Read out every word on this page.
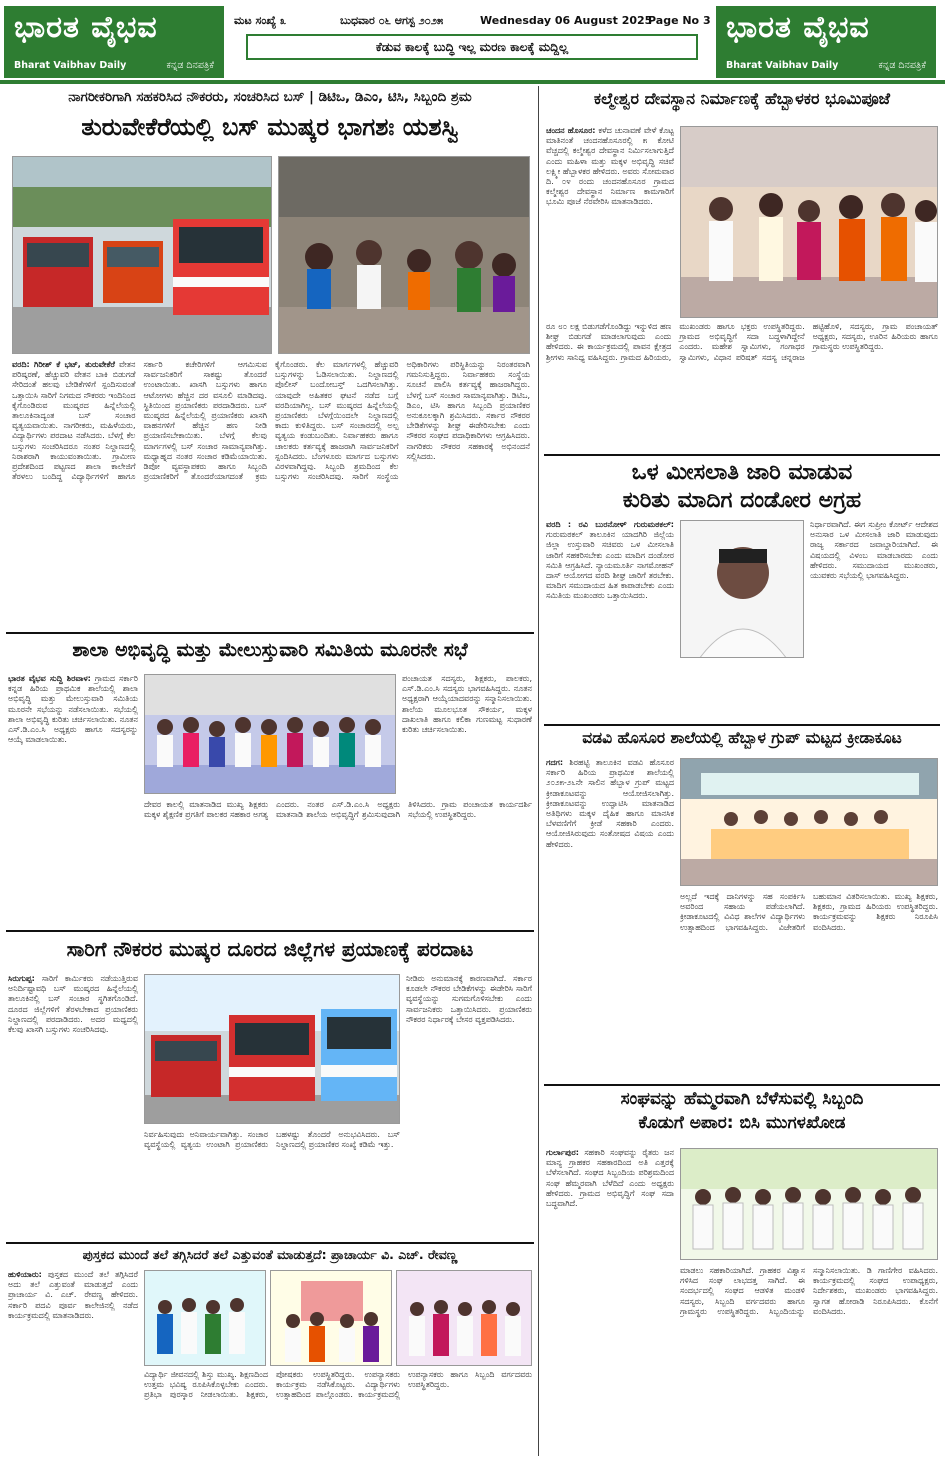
ಭಾರತ ವೈಭವ
Bharat Vaibhav Daily	ಕನ್ನಡ ದಿನಪತ್ರಿಕೆ
ಮಟ ಸಂಖ್ಯೆ ೩	ಬುಧವಾರ ೦೬ ಆಗಸ್ಟ ೨೦೨೫	Wednesday 06 August 2025
Page No 3
ಕೆಡುವ ಕಾಲಕ್ಕೆ ಬುದ್ಧಿ ಇಲ್ಲ ಮರಣ ಕಾಲಕ್ಕೆ ಮದ್ದಿಲ್ಲ
ಭಾರತ ವೈಭವ
Bharat Vaibhav Daily	ಕನ್ನಡ ದಿನಪತ್ರಿಕೆ
ನಾಗರೀಕರಿಗಾಗಿ ಸಹಕರಿಸಿದ ನೌಕರರು, ಸಂಚರಿಸಿದ ಬಸ್ | ಡಿಟಿಒ, ಡಿಎಂ, ಟಿಸಿ, ಸಿಬ್ಬಂದಿ ಶ್ರಮ
ತುರುವೇಕೆರೆಯಲ್ಲಿ ಬಸ್ ಮುಷ್ಕರ ಭಾಗಶಃ ಯಶಸ್ವಿ
ವರದಿ: ಗಿರೀಶ್ ಕೆ ಭಟ್, ತುರುವೇಕೆರೆ ವೇತನ ಪರಿಷ್ಕರಣೆ, ಹೆಚ್ಚುವರಿ ವೇತನ ಬಾಕಿ ಬಿಡುಗಡೆ ಸೇರಿದಂತೆ ಹಲವು ಬೇಡಿಕೆಗಳಿಗೆ ಸ್ಪಂದಿಸುವಂತೆ ಒತ್ತಾಯಿಸಿ ಸಾರಿಗೆ ನಿಗಮದ ನೌಕರರು ಇಂದಿನಿಂದ ಕೈಗೊಂಡಿರುವ ಮುಷ್ಕರದ ಹಿನ್ನೆಲೆಯಲ್ಲಿ ತಾಲೂಕಿನಾದ್ಯಂತ ಬಸ್ ಸಂಚಾರ ವ್ಯತ್ಯಯವಾಯಿತು. ನಾಗರೀಕರು, ಮಹಿಳೆಯರು, ವಿದ್ಯಾರ್ಥಿಗಳು ಪರದಾಟ ನಡೆಸಿದರು. ಬೆಳಗ್ಗೆ ಕೆಲ ಬಸ್ಸುಗಳು ಸಂಚರಿಸಿದರೂ ನಂತರ ನಿಲ್ದಾಣದಲ್ಲಿ ನಿರಾಶರಾಗಿ ಕಾಯುವಂತಾಯಿತು. ಗ್ರಾಮೀಣ ಪ್ರದೇಶದಿಂದ ಪಟ್ಟಣದ ಶಾಲಾ ಕಾಲೇಜಿಗೆ ತೆರಳಲು ಬಂದಿದ್ದ ವಿದ್ಯಾರ್ಥಿಗಳಿಗೆ ಹಾಗೂ ಸರ್ಕಾರಿ ಕಚೇರಿಗಳಿಗೆ ಆಗಮಿಸುವ ಸಾರ್ವಜನಿಕರಿಗೆ ಸಾಕಷ್ಟು ತೊಂದರೆ ಉಂಟಾಯಿತು. ಖಾಸಗಿ ಬಸ್ಸುಗಳು ಹಾಗೂ ಆಟೋಗಳು ಹೆಚ್ಚಿನ ದರ ವಸೂಲಿ ಮಾಡಿದವು. ಸ್ಥಿತಿಯಿಂದ ಪ್ರಯಾಣಿಕರು ಪರದಾಡಿದರು. ಬಸ್ ಮುಷ್ಕರದ ಹಿನ್ನೆಲೆಯಲ್ಲಿ ಪ್ರಯಾಣಿಕರು ಖಾಸಗಿ ವಾಹನಗಳಿಗೆ ಹೆಚ್ಚಿನ ಹಣ ನೀಡಿ ಪ್ರಯಾಣಿಸಬೇಕಾಯಿತು. ಬೆಳಗ್ಗೆ ಕೆಲವು ಮಾರ್ಗಗಳಲ್ಲಿ ಬಸ್ ಸಂಚಾರ ಸಾಮಾನ್ಯವಾಗಿತ್ತು. ಮಧ್ಯಾಹ್ನದ ನಂತರ ಸಂಚಾರ ಕಡಿಮೆಯಾಯಿತು. ಡಿಪೋ ವ್ಯವಸ್ಥಾಪಕರು ಹಾಗೂ ಸಿಬ್ಬಂದಿ ಪ್ರಯಾಣಿಕರಿಗೆ ತೊಂದರೆಯಾಗದಂತೆ ಕ್ರಮ ಕೈಗೊಂಡರು. ಕೆಲ ಮಾರ್ಗಗಳಲ್ಲಿ ಹೆಚ್ಚುವರಿ ಬಸ್ಸುಗಳನ್ನು ಓಡಿಸಲಾಯಿತು. ನಿಲ್ದಾಣದಲ್ಲಿ ಪೊಲೀಸ್ ಬಂದೋಬಸ್ತ್ ಒದಗಿಸಲಾಗಿತ್ತು. ಯಾವುದೇ ಅಹಿತಕರ ಘಟನೆ ನಡೆದ ಬಗ್ಗೆ ವರದಿಯಾಗಿಲ್ಲ. ಬಸ್ ಮುಷ್ಕರದ ಹಿನ್ನೆಲೆಯಲ್ಲಿ ಪ್ರಯಾಣಿಕರು ಬೆಳಗ್ಗೆಯಿಂದಲೇ ನಿಲ್ದಾಣದಲ್ಲಿ ಕಾದು ಕುಳಿತಿದ್ದರು. ಬಸ್ ಸಂಚಾರದಲ್ಲಿ ಅಲ್ಪ ವ್ಯತ್ಯಯ ಕಂಡುಬಂದಿತು. ನಿರ್ವಾಹಕರು ಹಾಗೂ ಚಾಲಕರು ಕರ್ತವ್ಯಕ್ಕೆ ಹಾಜರಾಗಿ ಸಾರ್ವಜನಿಕರಿಗೆ ಸ್ಪಂದಿಸಿದರು. ಬೆಂಗಳೂರು ಮಾರ್ಗದ ಬಸ್ಸುಗಳು ವಿರಳವಾಗಿದ್ದವು. ಸಿಬ್ಬಂದಿ ಶ್ರಮದಿಂದ ಕೆಲ ಬಸ್ಸುಗಳು ಸಂಚರಿಸಿದವು. ಸಾರಿಗೆ ಸಂಸ್ಥೆಯ ಅಧಿಕಾರಿಗಳು ಪರಿಸ್ಥಿತಿಯನ್ನು ನಿರಂತರವಾಗಿ ಗಮನಿಸುತ್ತಿದ್ದರು. ನಿರ್ವಾಹಕರು ಸಂಸ್ಥೆಯ ಸೂಚನೆ ಪಾಲಿಸಿ ಕರ್ತವ್ಯಕ್ಕೆ ಹಾಜರಾಗಿದ್ದರು. ಬೆಳಗ್ಗೆ ಬಸ್ ಸಂಚಾರ ಸಾಮಾನ್ಯವಾಗಿತ್ತು. ಡಿಟಿಒ, ಡಿಎಂ, ಟಿಸಿ ಹಾಗೂ ಸಿಬ್ಬಂದಿ ಪ್ರಯಾಣಿಕರ ಅನುಕೂಲಕ್ಕಾಗಿ ಶ್ರಮಿಸಿದರು. ಸರ್ಕಾರ ನೌಕರರ ಬೇಡಿಕೆಗಳನ್ನು ಶೀಘ್ರ ಈಡೇರಿಸಬೇಕು ಎಂದು ನೌಕರರ ಸಂಘದ ಪದಾಧಿಕಾರಿಗಳು ಆಗ್ರಹಿಸಿದರು. ನಾಗರಿಕರು ನೌಕರರ ಸಹಕಾರಕ್ಕೆ ಅಭಿನಂದನೆ ಸಲ್ಲಿಸಿದರು.
ಕಲ್ಮೇಶ್ವರ ದೇವಸ್ಥಾನ ನಿರ್ಮಾಣಕ್ಕೆ ಹೆಬ್ಬಾಳಕರ ಭೂಮಿಪೂಜೆ
ಚಂದನ ಹೊಸೂರ: ಕಳೆದ ಚುನಾವಣೆ ವೇಳೆ ಕೊಟ್ಟ ಮಾತಿನಂತೆ ಚಂದನಹೊಸೂರಲ್ಲಿ ೫ ಕೋಟಿ ವೆಚ್ಚದಲ್ಲಿ ಕಲ್ಮೇಶ್ವರ ದೇವಸ್ಥಾನ ನಿರ್ಮಿಸಲಾಗುತ್ತಿದೆ ಎಂದು ಮಹಿಳಾ ಮತ್ತು ಮಕ್ಕಳ ಅಭಿವೃದ್ಧಿ ಸಚಿವೆ ಲಕ್ಷ್ಮೀ ಹೆಬ್ಬಾಳಕರ ಹೇಳಿದರು. ಅವರು ಸೋಮವಾರ ದಿ. ೦೪ ರಂದು ಚಂದನಹೊಸೂರ ಗ್ರಾಮದ ಕಲ್ಮೇಶ್ವರ ದೇವಸ್ಥಾನ ನಿರ್ಮಾಣ ಕಾಮಗಾರಿಗೆ ಭೂಮಿ ಪೂಜೆ ನೆರವೇರಿಸಿ ಮಾತನಾಡಿದರು.
ರೂ ೮೦ ಲಕ್ಷ ಬಿಡುಗಡೆಗೊಂಡಿದ್ದು ಇನ್ನುಳಿದ ಹಣ ಶೀಘ್ರ ಬಿಡುಗಡೆ ಮಾಡಲಾಗುವುದು ಎಂದು ಹೇಳಿದರು. ಈ ಕಾರ್ಯಕ್ರಮದಲ್ಲಿ ಪಾವನ ಕ್ಷೇತ್ರದ ಶ್ರೀಗಳು ಸಾನಿಧ್ಯ ವಹಿಸಿದ್ದರು. ಗ್ರಾಮದ ಹಿರಿಯರು, ಮುಖಂಡರು ಹಾಗೂ ಭಕ್ತರು ಉಪಸ್ಥಿತರಿದ್ದರು. ಗ್ರಾಮದ ಅಭಿವೃದ್ಧಿಗೆ ಸದಾ ಬದ್ಧಳಾಗಿದ್ದೇನೆ ಎಂದರು. ಮಹೇಶ ಸ್ವಾಮಿಗಳು, ಗಂಗಾಧರ ಸ್ವಾಮಿಗಳು, ವಿಧಾನ ಪರಿಷತ್ ಸದಸ್ಯ ಚನ್ನರಾಜ ಹಟ್ಟಿಹೊಳಿ, ಸದಸ್ಯರು, ಗ್ರಾಮ ಪಂಚಾಯತ್ ಅಧ್ಯಕ್ಷರು, ಸದಸ್ಯರು, ಊರಿನ ಹಿರಿಯರು ಹಾಗೂ ಗ್ರಾಮಸ್ಥರು ಉಪಸ್ಥಿತರಿದ್ದರು.
ಒಳ ಮೀಸಲಾತಿ ಜಾರಿ ಮಾಡುವ
ಕುರಿತು ಮಾದಿಗ ದಂಡೋರ ಅಗ್ರಹ
ವರದಿ : ರವಿ ಬುರನೋಳ್ ಗುರುಮಠಕಲ್: ಗುರುಮಠಕಲ್ ತಾಲೂಕಿನ ಯಾದಗಿರಿ ಜಿಲ್ಲೆಯ ಜಿಲ್ಲಾ ಉಸ್ತುವಾರಿ ಸಚಿವರು ಒಳ ಮೀಸಲಾತಿ ಜಾರಿಗೆ ಸಹಕರಿಸಬೇಕು ಎಂದು ಮಾದಿಗ ದಂಡೋರ ಸಮಿತಿ ಆಗ್ರಹಿಸಿದೆ. ನ್ಯಾಯಮೂರ್ತಿ ನಾಗಮೋಹನ್ ದಾಸ್ ಆಯೋಗದ ವರದಿ ಶೀಘ್ರ ಜಾರಿಗೆ ತರಬೇಕು. ಮಾದಿಗ ಸಮುದಾಯದ ಹಿತ ಕಾಪಾಡಬೇಕು ಎಂದು ಸಮಿತಿಯ ಮುಖಂಡರು ಒತ್ತಾಯಿಸಿದರು.
ನಿರ್ಧಾರವಾಗಿದೆ. ಈಗ ಸುಪ್ರೀಂ ಕೋರ್ಟ್ ಆದೇಶದ ಅನುಸಾರ ಒಳ ಮೀಸಲಾತಿ ಜಾರಿ ಮಾಡುವುದು ರಾಜ್ಯ ಸರ್ಕಾರದ ಜವಾಬ್ದಾರಿಯಾಗಿದೆ. ಈ ವಿಷಯದಲ್ಲಿ ವಿಳಂಬ ಮಾಡಬಾರದು ಎಂದು ಹೇಳಿದರು. ಸಮುದಾಯದ ಮುಖಂಡರು, ಯುವಕರು ಸಭೆಯಲ್ಲಿ ಭಾಗವಹಿಸಿದ್ದರು.
ಶಾಲಾ ಅಭಿವೃದ್ಧಿ ಮತ್ತು ಮೇಲುಸ್ತುವಾರಿ ಸಮಿತಿಯ ಮೂರನೇ ಸಭೆ
ಭಾರತ ವೈಭವ ಸುದ್ದಿ ಶಿರವಾಳ: ಗ್ರಾಮದ ಸರ್ಕಾರಿ ಕನ್ನಡ ಹಿರಿಯ ಪ್ರಾಥಮಿಕ ಶಾಲೆಯಲ್ಲಿ ಶಾಲಾ ಅಭಿವೃದ್ಧಿ ಮತ್ತು ಮೇಲುಸ್ತುವಾರಿ ಸಮಿತಿಯ ಮೂರನೇ ಸಭೆಯನ್ನು ನಡೆಸಲಾಯಿತು. ಸಭೆಯಲ್ಲಿ ಶಾಲಾ ಅಭಿವೃದ್ಧಿ ಕುರಿತು ಚರ್ಚಿಸಲಾಯಿತು. ನೂತನ ಎಸ್.ಡಿ.ಎಂ.ಸಿ ಅಧ್ಯಕ್ಷರು ಹಾಗೂ ಸದಸ್ಯರನ್ನು ಆಯ್ಕೆ ಮಾಡಲಾಯಿತು.
ಪಂಚಾಯತ ಸದಸ್ಯರು, ಶಿಕ್ಷಕರು, ಪಾಲಕರು, ಎಸ್.ಡಿ.ಎಂ.ಸಿ ಸದಸ್ಯರು ಭಾಗವಹಿಸಿದ್ದರು. ನೂತನ ಅಧ್ಯಕ್ಷರಾಗಿ ಆಯ್ಕೆಯಾದವರನ್ನು ಸನ್ಮಾನಿಸಲಾಯಿತು. ಶಾಲೆಯ ಮೂಲಭೂತ ಸೌಕರ್ಯ, ಮಕ್ಕಳ ದಾಖಲಾತಿ ಹಾಗೂ ಕಲಿಕಾ ಗುಣಮಟ್ಟ ಸುಧಾರಣೆ ಕುರಿತು ಚರ್ಚಿಸಲಾಯಿತು.
ದೇವರ ಕಾಲಲ್ಲಿ ಮಾತನಾಡಿದ ಮುಖ್ಯ ಶಿಕ್ಷಕರು ಮಕ್ಕಳ ಶೈಕ್ಷಣಿಕ ಪ್ರಗತಿಗೆ ಪಾಲಕರ ಸಹಕಾರ ಅಗತ್ಯ ಎಂದರು. ನಂತರ ಎಸ್.ಡಿ.ಎಂ.ಸಿ ಅಧ್ಯಕ್ಷರು ಮಾತನಾಡಿ ಶಾಲೆಯ ಅಭಿವೃದ್ಧಿಗೆ ಶ್ರಮಿಸುವುದಾಗಿ ತಿಳಿಸಿದರು. ಗ್ರಾಮ ಪಂಚಾಯತ ಕಾರ್ಯದರ್ಶಿ ಸಭೆಯಲ್ಲಿ ಉಪಸ್ಥಿತರಿದ್ದರು.
ವಡವಿ ಹೊಸೂರ ಶಾಲೆಯಲ್ಲಿ ಹೆಬ್ಬಾಳ ಗ್ರುಪ್ ಮಟ್ಟದ ಕ್ರೀಡಾಕೂಟ
ಗದಗ: ಶಿರಹಟ್ಟಿ ತಾಲೂಕಿನ ವಡವಿ ಹೊಸೂರ ಸರ್ಕಾರಿ ಹಿರಿಯ ಪ್ರಾಥಮಿಕ ಶಾಲೆಯಲ್ಲಿ ೨೦೨೫-೨೬ನೇ ಸಾಲಿನ ಹೆಬ್ಬಾಳ ಗ್ರುಪ್ ಮಟ್ಟದ ಕ್ರೀಡಾಕೂಟವನ್ನು ಆಯೋಜಿಸಲಾಗಿತ್ತು. ಕ್ರೀಡಾಕೂಟವನ್ನು ಉದ್ಘಾಟಿಸಿ ಮಾತನಾಡಿದ ಅತಿಥಿಗಳು ಮಕ್ಕಳ ದೈಹಿಕ ಹಾಗೂ ಮಾನಸಿಕ ಬೆಳವಣಿಗೆಗೆ ಕ್ರೀಡೆ ಸಹಕಾರಿ ಎಂದರು. ಆಯೋಜಿಸಿರುವುದು ಸಂತೋಷದ ವಿಷಯ ಎಂದು ಹೇಳಿದರು.
ಅಲ್ಲದೆ ಇದಕ್ಕೆ ದಾನಿಗಳನ್ನು ಸಹ ಸಂಪರ್ಕಿಸಿ ಅವರಿಂದ ಸಹಾಯ ಪಡೆಯಲಾಗಿದೆ. ಕ್ರೀಡಾಕೂಟದಲ್ಲಿ ವಿವಿಧ ಶಾಲೆಗಳ ವಿದ್ಯಾರ್ಥಿಗಳು ಉತ್ಸಾಹದಿಂದ ಭಾಗವಹಿಸಿದ್ದರು. ವಿಜೇತರಿಗೆ ಬಹುಮಾನ ವಿತರಿಸಲಾಯಿತು. ಮುಖ್ಯ ಶಿಕ್ಷಕರು, ಶಿಕ್ಷಕರು, ಗ್ರಾಮದ ಹಿರಿಯರು ಉಪಸ್ಥಿತರಿದ್ದರು. ಕಾರ್ಯಕ್ರಮವನ್ನು ಶಿಕ್ಷಕರು ನಿರೂಪಿಸಿ ವಂದಿಸಿದರು.
ಸಾರಿಗೆ ನೌಕರರ ಮುಷ್ಕರ ದೂರದ ಜಿಲ್ಲೆಗಳ ಪ್ರಯಾಣಕ್ಕೆ ಪರದಾಟ
ಸಿರುಗುಪ್ಪ: ಸಾರಿಗೆ ಕಾರ್ಮಿಕರು ನಡೆಯುತ್ತಿರುವ ಅನಿರ್ದಿಷ್ಟಾವಧಿ ಬಸ್ ಮುಷ್ಕರದ ಹಿನ್ನೆಲೆಯಲ್ಲಿ ತಾಲೂಕಿನಲ್ಲಿ ಬಸ್ ಸಂಚಾರ ಸ್ಥಗಿತಗೊಂಡಿದೆ. ದೂರದ ಜಿಲ್ಲೆಗಳಿಗೆ ತೆರಳಬೇಕಾದ ಪ್ರಯಾಣಿಕರು ನಿಲ್ದಾಣದಲ್ಲಿ ಪರದಾಡಿದರು. ಅದರ ಮಧ್ಯದಲ್ಲಿ ಕೆಲವು ಖಾಸಗಿ ಬಸ್ಸುಗಳು ಸಂಚರಿಸಿದವು.
ನೀಡಿರು ಅನುಮಾನಕ್ಕೆ ಕಾರಣವಾಗಿದೆ. ಸರ್ಕಾರ ಕೂಡಲೇ ನೌಕರರ ಬೇಡಿಕೆಗಳನ್ನು ಈಡೇರಿಸಿ ಸಾರಿಗೆ ವ್ಯವಸ್ಥೆಯನ್ನು ಸುಗಮಗೊಳಿಸಬೇಕು ಎಂದು ಸಾರ್ವಜನಿಕರು ಒತ್ತಾಯಿಸಿದರು. ಪ್ರಯಾಣಿಕರು ನೌಕರರ ನಿರ್ಧಾರಕ್ಕೆ ಬೇಸರ ವ್ಯಕ್ತಪಡಿಸಿದರು.
ನಿರ್ವಹಿಸುವುದು ಅನಿವಾರ್ಯವಾಗಿತ್ತು. ಸಂಚಾರ ವ್ಯವಸ್ಥೆಯಲ್ಲಿ ವ್ಯತ್ಯಯ ಉಂಟಾಗಿ ಪ್ರಯಾಣಿಕರು ಬಹಳಷ್ಟು ತೊಂದರೆ ಅನುಭವಿಸಿದರು. ಬಸ್ ನಿಲ್ದಾಣದಲ್ಲಿ ಪ್ರಯಾಣಿಕರ ಸಂಖ್ಯೆ ಕಡಿಮೆ ಇತ್ತು.
ಸಂಘವನ್ನು ಹೆಮ್ಮರವಾಗಿ ಬೆಳೆಸುವಲ್ಲಿ ಸಿಬ್ಬಂದಿ
ಕೊಡುಗೆ ಅಪಾರ: ಬಿಸಿ ಮುಗಳಖೋಡ
ಗುರ್ಲಾಪುರ: ಸಹಕಾರಿ ಸಂಘವನ್ನು ರೈತರು ಜನ ಮಾನ್ಯ ಗ್ರಾಹಕರ ಸಹಕಾರದಿಂದ ಅತಿ ಎತ್ತರಕ್ಕೆ ಬೆಳೆಸಲಾಗಿದೆ. ಸಂಘದ ಸಿಬ್ಬಂದಿಯ ಪರಿಶ್ರಮದಿಂದ ಸಂಘ ಹೆಮ್ಮರವಾಗಿ ಬೆಳೆದಿದೆ ಎಂದು ಅಧ್ಯಕ್ಷರು ಹೇಳಿದರು. ಗ್ರಾಮದ ಅಭಿವೃದ್ಧಿಗೆ ಸಂಘ ಸದಾ ಬದ್ಧವಾಗಿದೆ.
ಮಾಡಲು ಸಹಕಾರಿಯಾಗಿದೆ. ಗ್ರಾಹಕರ ವಿಶ್ವಾಸ ಗಳಿಸಿದ ಸಂಘ ಲಾಭದತ್ತ ಸಾಗಿದೆ. ಈ ಸಂದರ್ಭದಲ್ಲಿ ಸಂಘದ ಆಡಳಿತ ಮಂಡಳಿ ಸದಸ್ಯರು, ಸಿಬ್ಬಂದಿ ವರ್ಗದವರು ಹಾಗೂ ಗ್ರಾಮಸ್ಥರು ಉಪಸ್ಥಿತರಿದ್ದರು. ಸಿಬ್ಬಂದಿಯನ್ನು ಸನ್ಮಾನಿಸಲಾಯಿತು. ಡಿ ಗಾಣಿಗೇರ ವಹಿಸಿದರು. ಕಾರ್ಯಕ್ರಮದಲ್ಲಿ ಸಂಘದ ಉಪಾಧ್ಯಕ್ಷರು, ನಿರ್ದೇಶಕರು, ಮುಖಂಡರು ಭಾಗವಹಿಸಿದ್ದರು. ಸ್ವಾಗತ ಹೋರಾಡಿ ನಿರೂಪಿಸಿದರು. ಕೊನೆಗೆ ವಂದಿಸಿದರು.
ಪುಸ್ತಕದ ಮುಂದೆ ತಲೆ ತಗ್ಗಿಸಿದರೆ ತಲೆ ಎತ್ತುವಂತೆ ಮಾಡುತ್ತದೆ: ಪ್ರಾಚಾರ್ಯ ವಿ. ಎಚ್. ರೇವಣ್ಣ
ಹುಳಿಯಾರು: ಪುಸ್ತಕದ ಮುಂದೆ ತಲೆ ತಗ್ಗಿಸಿದರೆ ಅದು ತಲೆ ಎತ್ತುವಂತೆ ಮಾಡುತ್ತದೆ ಎಂದು ಪ್ರಾಚಾರ್ಯ ವಿ. ಎಚ್. ರೇವಣ್ಣ ಹೇಳಿದರು. ಸರ್ಕಾರಿ ಪದವಿ ಪೂರ್ವ ಕಾಲೇಜಿನಲ್ಲಿ ನಡೆದ ಕಾರ್ಯಕ್ರಮದಲ್ಲಿ ಮಾತನಾಡಿದರು.
ವಿದ್ಯಾರ್ಥಿ ಜೀವನದಲ್ಲಿ ಶಿಸ್ತು ಮುಖ್ಯ. ಶಿಕ್ಷಣದಿಂದ ಉತ್ತಮ ಭವಿಷ್ಯ ರೂಪಿಸಿಕೊಳ್ಳಬೇಕು ಎಂದರು. ಪ್ರತಿಭಾ ಪುರಸ್ಕಾರ ನೀಡಲಾಯಿತು. ಶಿಕ್ಷಕರು, ಪೋಷಕರು ಉಪಸ್ಥಿತರಿದ್ದರು. ಉಪನ್ಯಾಸಕರು ಕಾರ್ಯಕ್ರಮ ನಡೆಸಿಕೊಟ್ಟರು. ವಿದ್ಯಾರ್ಥಿಗಳು ಉತ್ಸಾಹದಿಂದ ಪಾಲ್ಗೊಂಡರು. ಕಾರ್ಯಕ್ರಮದಲ್ಲಿ ಉಪನ್ಯಾಸಕರು ಹಾಗೂ ಸಿಬ್ಬಂದಿ ವರ್ಗದವರು ಉಪಸ್ಥಿತರಿದ್ದರು.
